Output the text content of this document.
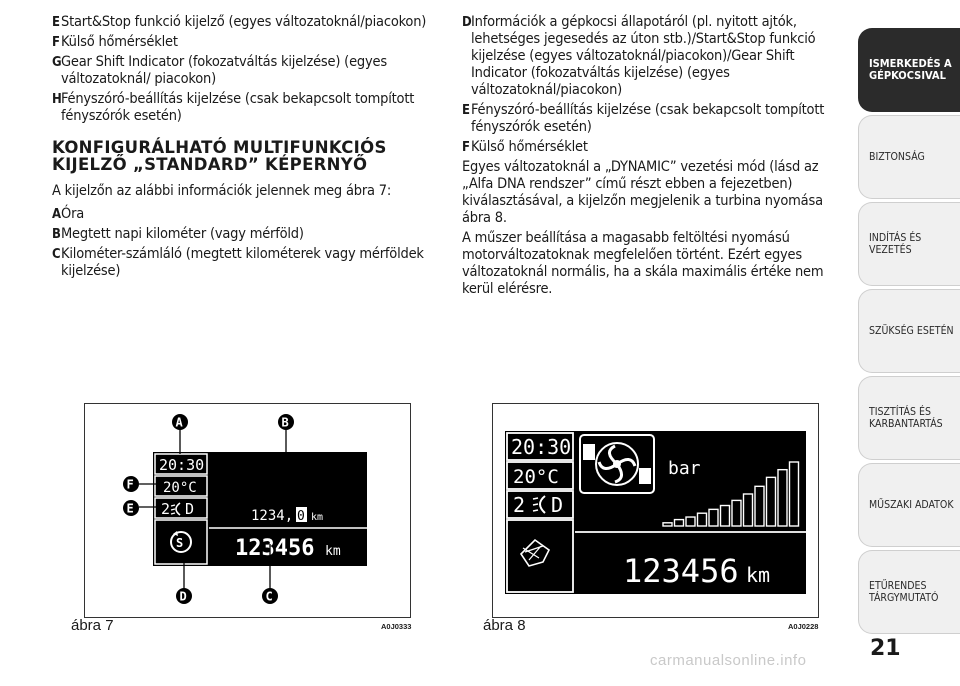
E Start&Stop funkció kijelző (egyes változatoknál/piacokon)
F Külső hőmérséklet
G Gear Shift Indicator (fokozatváltás kijelzése) (egyes változatoknál/ piacokon)
H Fényszóró-beállítás kijelzése (csak bekapcsolt tompított fényszórók esetén)
KONFIGURÁLHATÓ MULTIFUNKCIÓS KIJELZŐ „STANDARD” KÉPERNYŐ
A kijelzőn az alábbi információk jelennek meg ábra 7:
A Óra
B Megtett napi kilométer (vagy mérföld)
C Kilométer-számláló (megtett kilométerek vagy mérföldek kijelzése)
D Információk a gépkocsi állapotáról (pl. nyitott ajtók, lehetséges jegesedés az úton stb.)/Start&Stop funkció kijelzése (egyes változatoknál/piacokon)/Gear Shift Indicator (fokozatváltás kijelzése) (egyes változatoknál/piacokon)
E Fényszóró-beállítás kijelzése (csak bekapcsolt tompított fényszórók esetén)
F Külső hőmérséklet
Egyes változatoknál a „DYNAMIC” vezetési mód (lásd az „Alfa DNA rendszer” című részt ebben a fejezetben) kiválasztásával, a kijelzőn megjelenik a turbina nyomása ábra 8.
A műszer beállítása a magasabb feltöltési nyomású motorváltozatoknak megfelelően történt. Ezért egyes változatoknál normális, ha a skála maximális értéke nem kerül elérésre.
20:30
20°C
2 D
S
1234, 0 km
123456 km
A	B
C
D
E
F
ábra 7	A0J0333
20:30
20°C
2 D
bar
123456 km
ábra 8	A0J0228
ISMERKEDÉS A GÉPKOCSIVAL
BIZTONSÁG
INDÍTÁS ÉS VEZETÉS
SZÜKSÉG ESETÉN
TISZTÍTÁS ÉS KARBANTARTÁS
MŰSZAKI ADATOK
ETŰRENDES TÁRGYMUTATÓ
21
carmanualsonline.info
